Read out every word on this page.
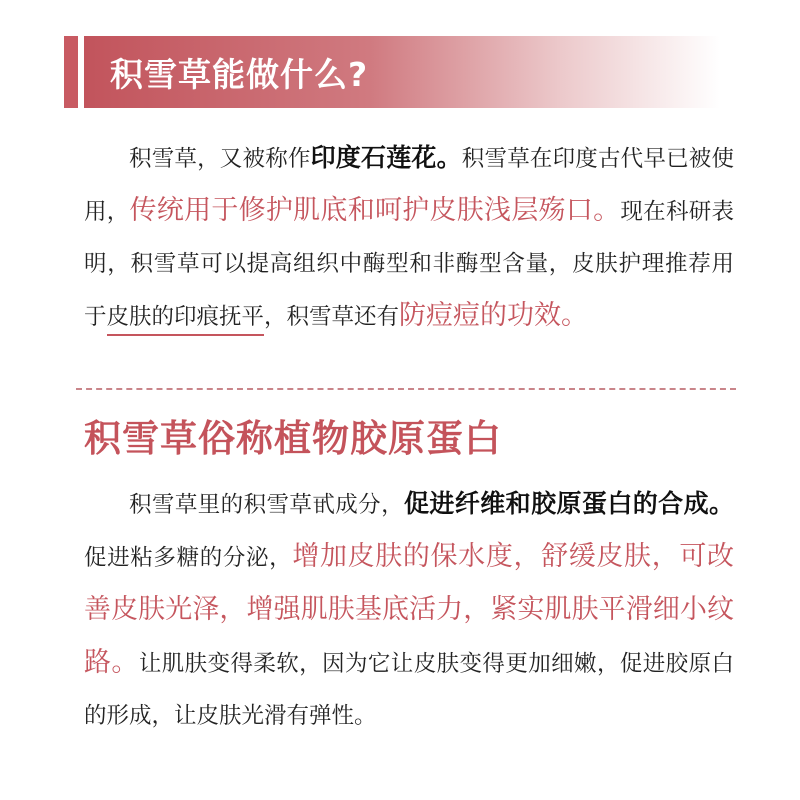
积雪草能做什么?

积雪草，又被称作印度石莲花。积雪草在印度古代早已被使用，传统用于修护肌底和呵护皮肤浅层殇口。现在科研表明，积雪草可以提高组织中酶型和非酶型含量，皮肤护理推荐用于皮肤的印痕抚平，积雪草还有防痘痘的功效。

积雪草俗称植物胶原蛋白

积雪草里的积雪草甙成分，促进纤维和胶原蛋白的合成。促进粘多糖的分泌，增加皮肤的保水度，舒缓皮肤，可改善皮肤光泽，增强肌肤基底活力，紧实肌肤平滑细小纹路。让肌肤变得柔软，因为它让皮肤变得更加细嫩，促进胶原白的形成，让皮肤光滑有弹性。
